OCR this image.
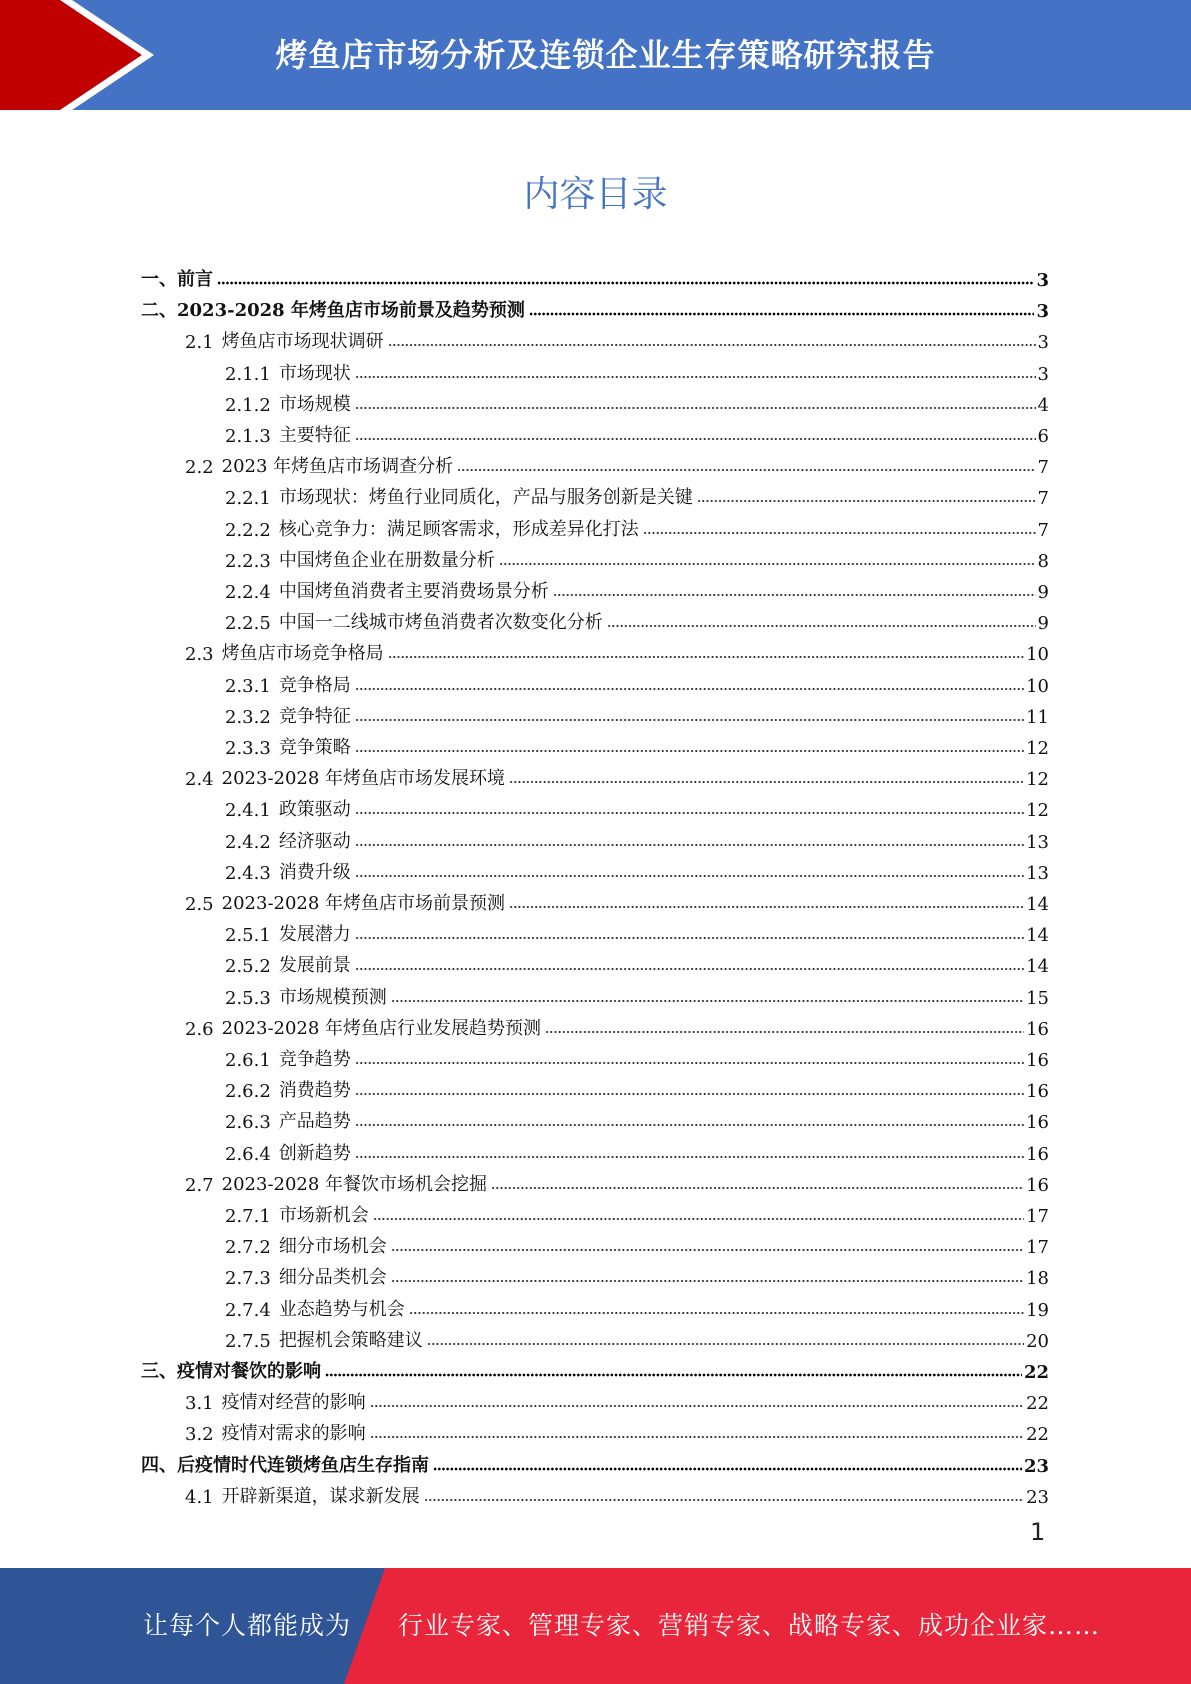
烤鱼店市场分析及连锁企业生存策略研究报告
内容目录
一、 前言	3
二、 2023-2028 年烤鱼店市场前景及趋势预测	3
2.1 烤鱼店市场现状调研	3
2.1.1 市场现状	3
2.1.2 市场规模	4
2.1.3 主要特征	6
2.2 2023 年烤鱼店市场调查分析	7
2.2.1 市场现状：烤鱼行业同质化，产品与服务创新是关键	7
2.2.2 核心竞争力：满足顾客需求，形成差异化打法	7
2.2.3 中国烤鱼企业在册数量分析	8
2.2.4 中国烤鱼消费者主要消费场景分析	9
2.2.5 中国一二线城市烤鱼消费者次数变化分析	9
2.3 烤鱼店市场竞争格局	10
2.3.1 竞争格局	10
2.3.2 竞争特征	11
2.3.3 竞争策略	12
2.4 2023-2028 年烤鱼店市场发展环境	12
2.4.1 政策驱动	12
2.4.2 经济驱动	13
2.4.3 消费升级	13
2.5 2023-2028 年烤鱼店市场前景预测	14
2.5.1 发展潜力	14
2.5.2 发展前景	14
2.5.3 市场规模预测	15
2.6 2023-2028 年烤鱼店行业发展趋势预测	16
2.6.1 竞争趋势	16
2.6.2 消费趋势	16
2.6.3 产品趋势	16
2.6.4 创新趋势	16
2.7 2023-2028 年餐饮市场机会挖掘	16
2.7.1 市场新机会	17
2.7.2 细分市场机会	17
2.7.3 细分品类机会	18
2.7.4 业态趋势与机会	19
2.7.5 把握机会策略建议	20
三、 疫情对餐饮的影响	22
3.1 疫情对经营的影响	22
3.2 疫情对需求的影响	22
四、 后疫情时代连锁烤鱼店生存指南	23
4.1 开辟新渠道，谋求新发展	23
1
让每个人都能成为 行业专家、管理专家、营销专家、战略专家、成功企业家……
